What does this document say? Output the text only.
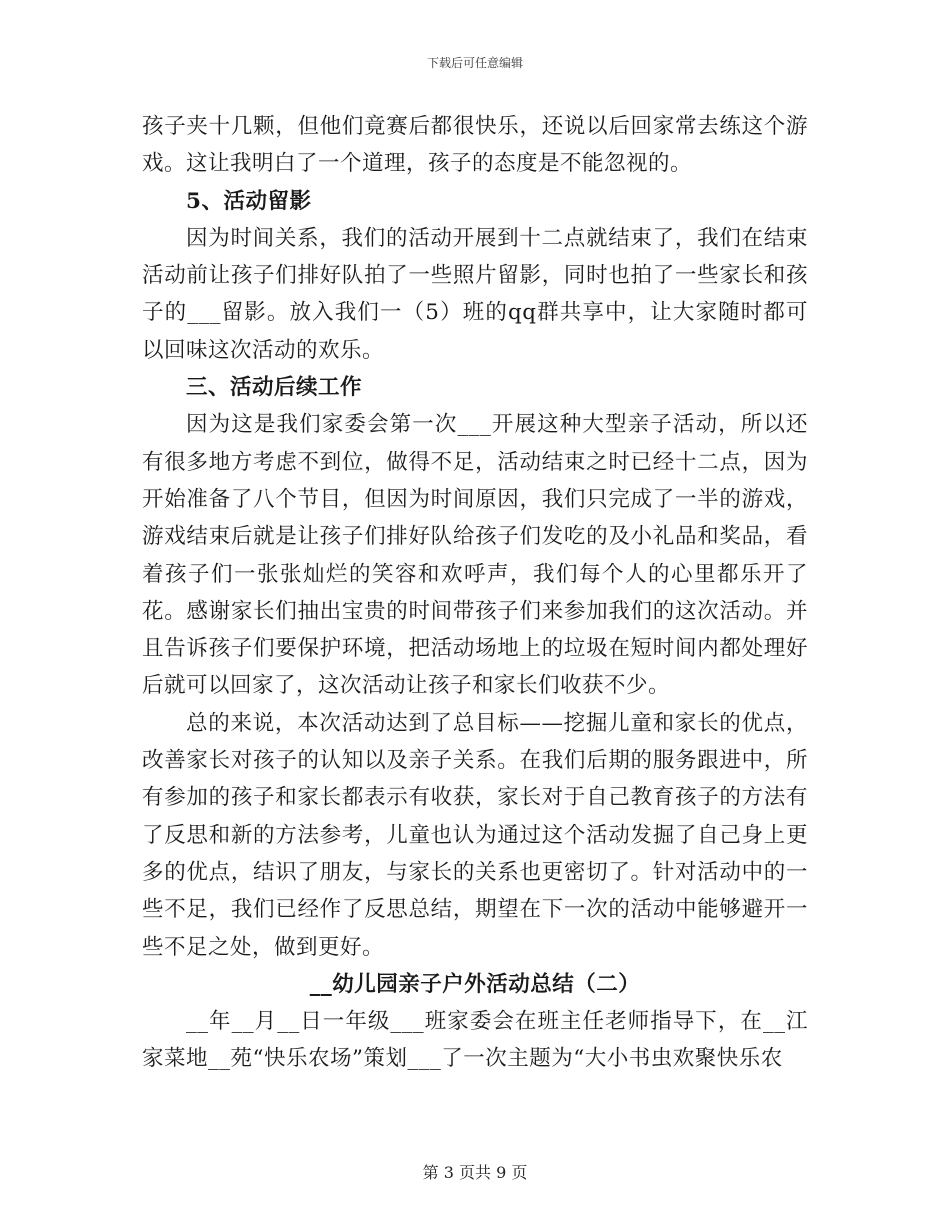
下载后可任意编辑

孩子夹十几颗，但他们竟赛后都很快乐，还说以后回家常去练这个游戏。这让我明白了一个道理，孩子的态度是不能忽视的。

5、活动留影

因为时间关系，我们的活动开展到十二点就结束了，我们在结束活动前让孩子们排好队拍了一些照片留影，同时也拍了一些家长和孩子的___留影。放入我们一（5）班的qq群共享中，让大家随时都可以回味这次活动的欢乐。

三、活动后续工作

因为这是我们家委会第一次___开展这种大型亲子活动，所以还有很多地方考虑不到位，做得不足，活动结束之时已经十二点，因为开始准备了八个节目，但因为时间原因，我们只完成了一半的游戏，游戏结束后就是让孩子们排好队给孩子们发吃的及小礼品和奖品，看着孩子们一张张灿烂的笑容和欢呼声，我们每个人的心里都乐开了花。感谢家长们抽出宝贵的时间带孩子们来参加我们的这次活动。并且告诉孩子们要保护环境，把活动场地上的垃圾在短时间内都处理好后就可以回家了，这次活动让孩子和家长们收获不少。

总的来说，本次活动达到了总目标——挖掘儿童和家长的优点，改善家长对孩子的认知以及亲子关系。在我们后期的服务跟进中，所有参加的孩子和家长都表示有收获，家长对于自己教育孩子的方法有了反思和新的方法参考，儿童也认为通过这个活动发掘了自己身上更多的优点，结识了朋友，与家长的关系也更密切了。针对活动中的一些不足，我们已经作了反思总结，期望在下一次的活动中能够避开一些不足之处，做到更好。

__幼儿园亲子户外活动总结（二）

__年__月__日一年级___班家委会在班主任老师指导下，在__江家菜地__苑“快乐农场”策划___了一次主题为“大小书虫欢聚快乐农

第 3 页共 9 页
